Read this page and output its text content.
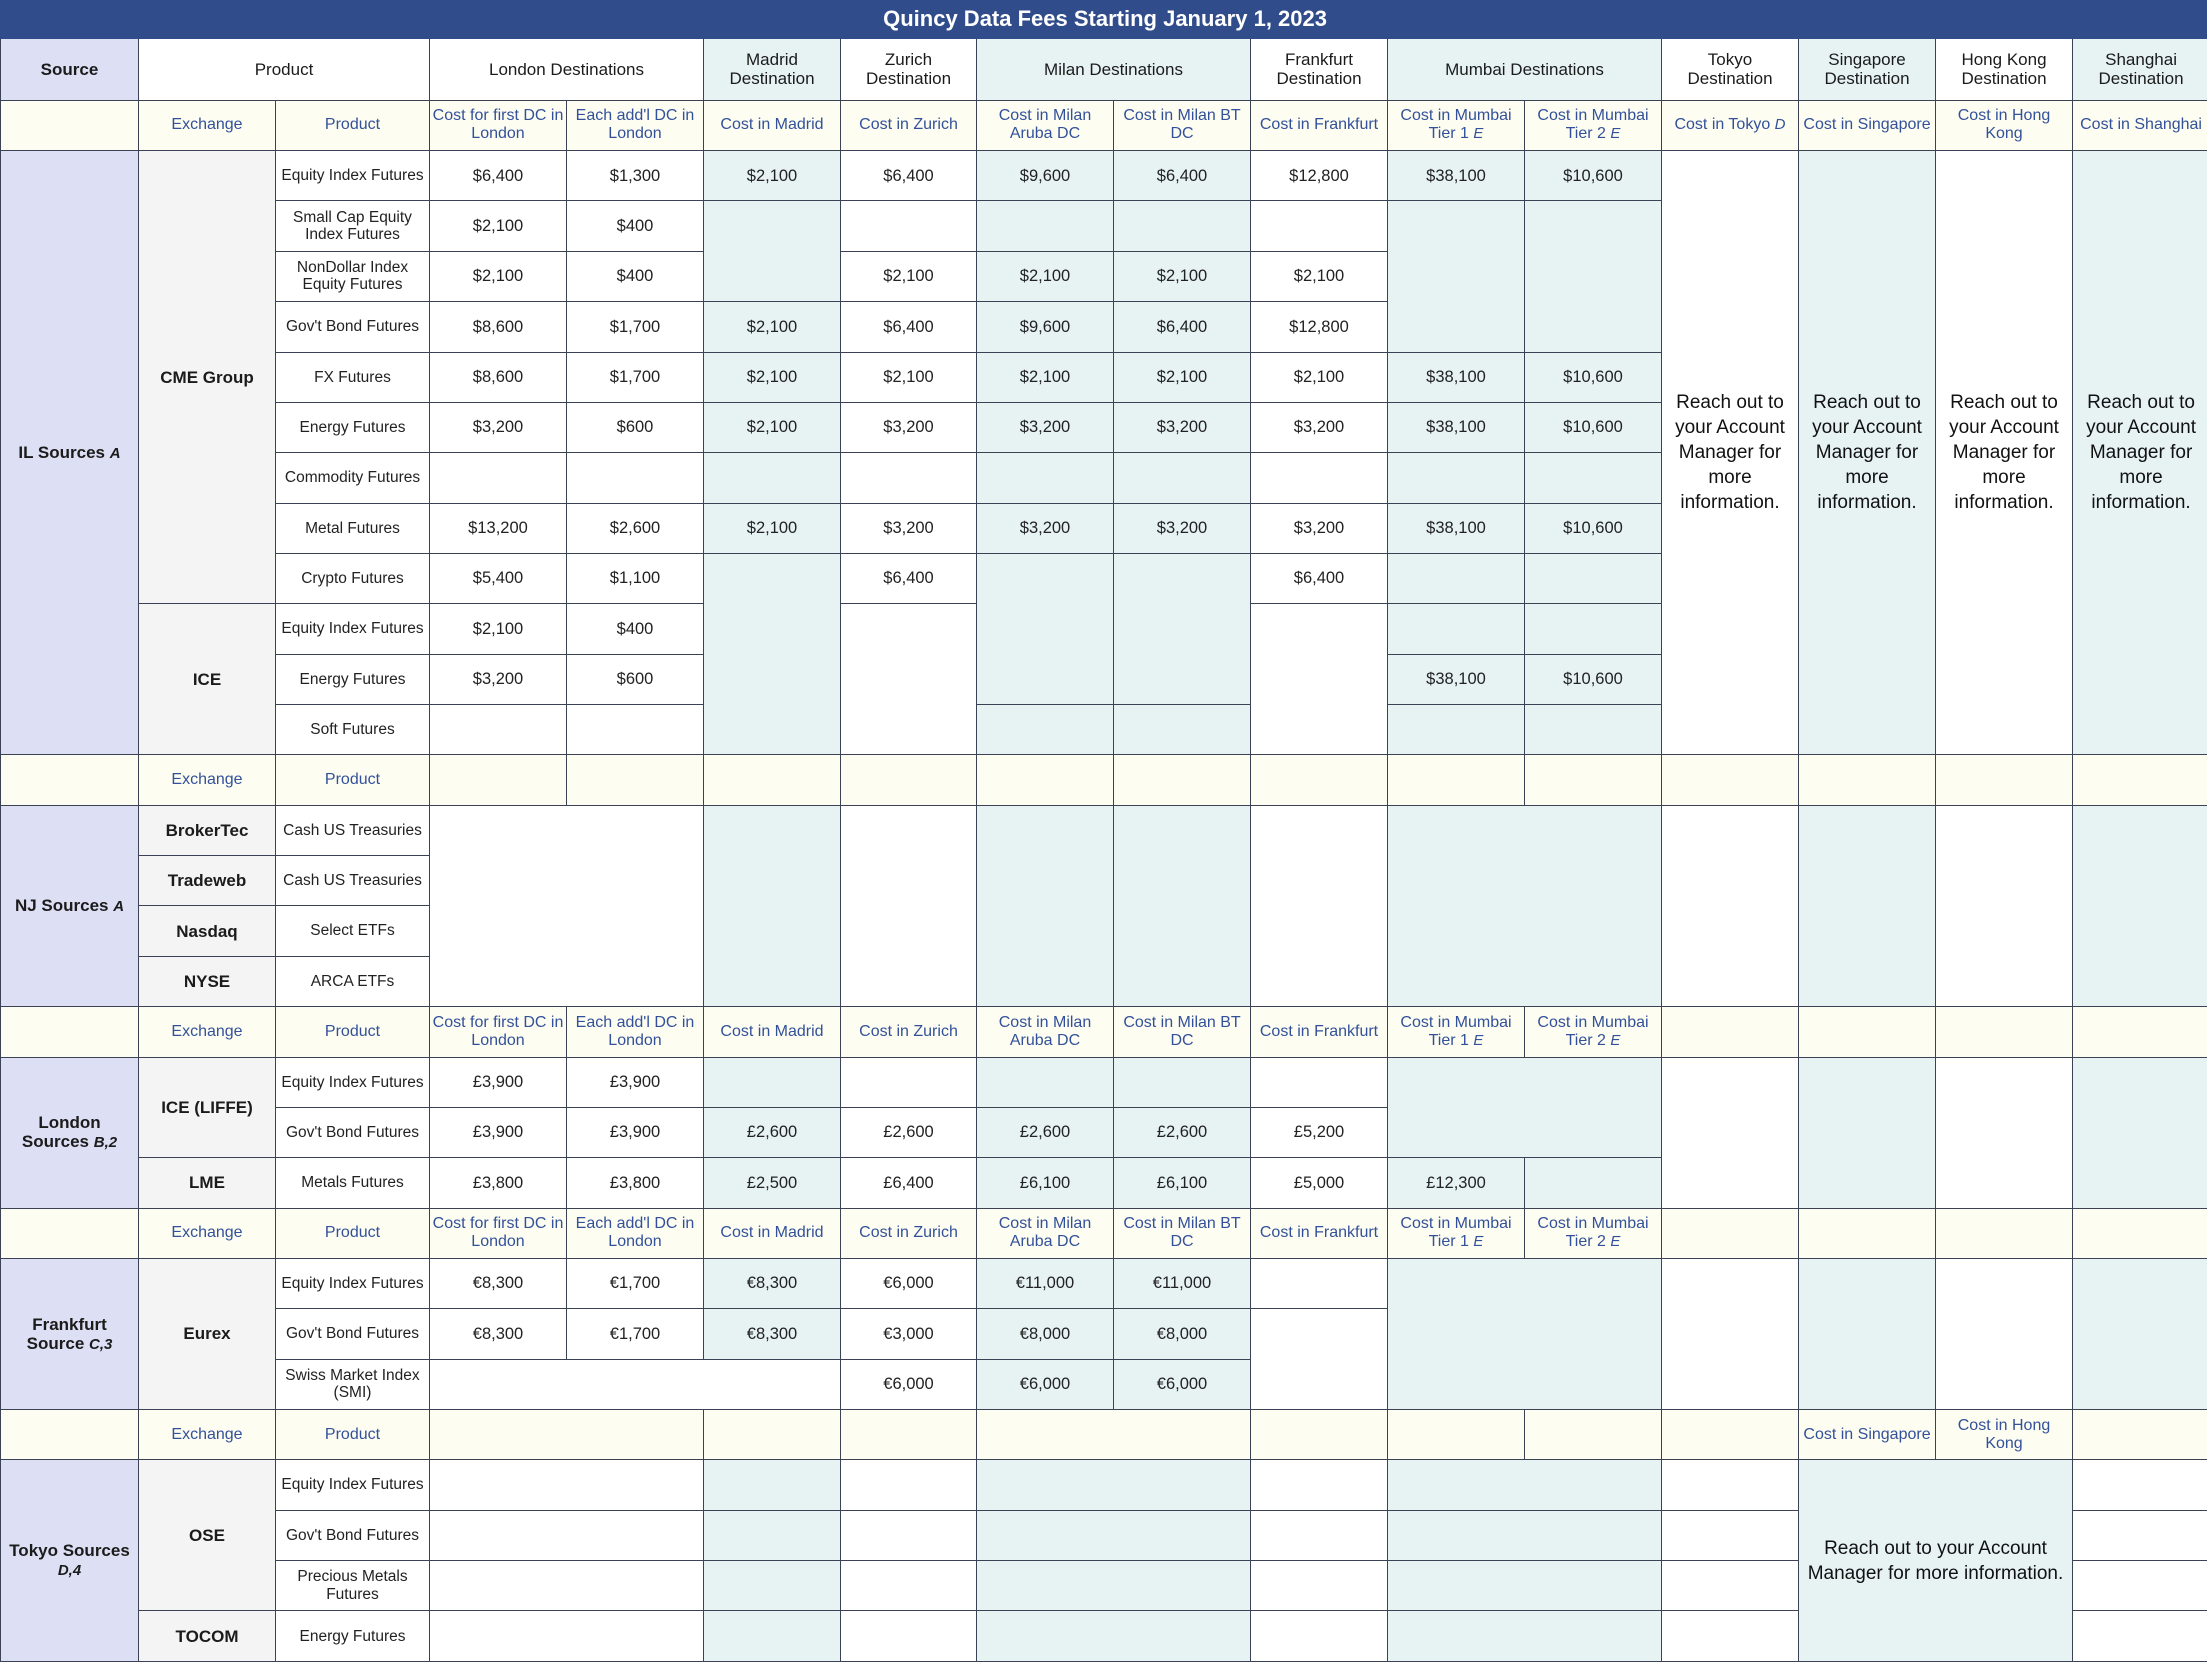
Quincy Data Fees Starting January 1, 2023															
Source	Product		London Destinations		Madrid Destination	Zurich Destination	Milan Destinations		Frankfurt Destination	Mumbai Destinations		Tokyo Destination	Singapore Destination	Hong Kong Destination	Shanghai Destination
	Exchange	Product	Cost for first DC in London	Each add'l DC in London	Cost in Madrid	Cost in Zurich	Cost in Milan Aruba DC	Cost in Milan BT DC	Cost in Frankfurt	Cost in Mumbai Tier 1 E	Cost in Mumbai Tier 2 E	Cost in Tokyo D	Cost in Singapore	Cost in Hong Kong	Cost in Shanghai
IL Sources A	CME Group	Equity Index Futures	$6,400	$1,300	$2,100	$6,400	$9,600	$6,400	$12,800	$38,100	$10,600	Reach out to your Account Manager for more information.	Reach out to your Account Manager for more information.	Reach out to your Account Manager for more information.	Reach out to your Account Manager for more information.
		Small Cap Equity Index Futures	$2,100	$400											
		NonDollar Index Equity Futures	$2,100	$400		$2,100	$2,100	$2,100	$2,100						
		Gov't Bond Futures	$8,600	$1,700	$2,100	$6,400	$9,600	$6,400	$12,800						
		FX Futures	$8,600	$1,700	$2,100	$2,100	$2,100	$2,100	$2,100	$38,100	$10,600				
		Energy Futures	$3,200	$600	$2,100	$3,200	$3,200	$3,200	$3,200	$38,100	$10,600				
		Commodity Futures													
		Metal Futures	$13,200	$2,600	$2,100	$3,200	$3,200	$3,200	$3,200	$38,100	$10,600				
		Crypto Futures	$5,400	$1,100		$6,400			$6,400						
	ICE	Equity Index Futures	$2,100	$400											
		Energy Futures	$3,200	$600						$38,100	$10,600				
		Soft Futures													
	Exchange	Product													
NJ Sources A	BrokerTec	Cash US Treasuries													
	Tradeweb	Cash US Treasuries													
	Nasdaq	Select ETFs													
	NYSE	ARCA ETFs													
	Exchange	Product	Cost for first DC in London	Each add'l DC in London	Cost in Madrid	Cost in Zurich	Cost in Milan Aruba DC	Cost in Milan BT DC	Cost in Frankfurt	Cost in Mumbai Tier 1 E	Cost in Mumbai Tier 2 E				
London Sources B,2	ICE (LIFFE)	Equity Index Futures	£3,900	£3,900											
		Gov't Bond Futures	£3,900	£3,900	£2,600	£2,600	£2,600	£2,600	£5,200						
	LME	Metals Futures	£3,800	£3,800	£2,500	£6,400	£6,100	£6,100	£5,000	£12,300					
	Exchange	Product	Cost for first DC in London	Each add'l DC in London	Cost in Madrid	Cost in Zurich	Cost in Milan Aruba DC	Cost in Milan BT DC	Cost in Frankfurt	Cost in Mumbai Tier 1 E	Cost in Mumbai Tier 2 E				
Frankfurt Source C,3	Eurex	Equity Index Futures	€8,300	€1,700	€8,300	€6,000	€11,000	€11,000							
		Gov't Bond Futures	€8,300	€1,700	€8,300	€3,000	€8,000	€8,000							
		Swiss Market Index (SMI)				€6,000	€6,000	€6,000							
	Exchange	Product											Cost in Singapore	Cost in Hong Kong	
Tokyo Sources D,4	OSE	Equity Index Futures											Reach out to your Account Manager for more information.		
		Gov't Bond Futures													
		Precious Metals Futures													
	TOCOM	Energy Futures													
